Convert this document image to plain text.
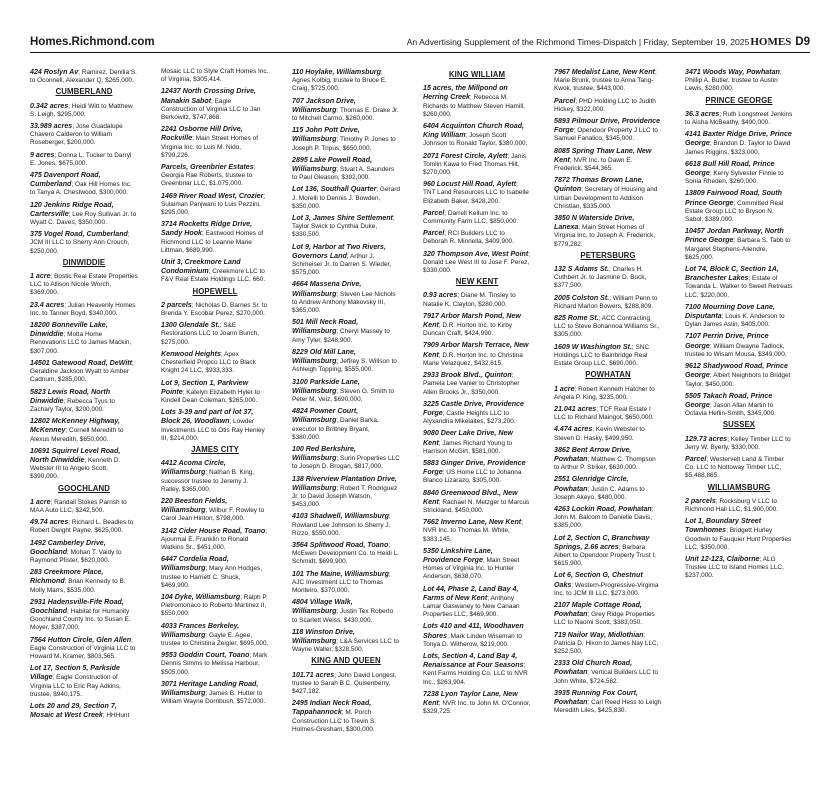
Homes.Richmond.com	An Advertising Supplement of the Richmond Times-Dispatch | Friday, September 19, 2025HOMES D9

424 Roslyn Av; Ramirez, Denilia S. to Oconnell, Alexander Q, $265,000.

CUMBERLAND

0.342 acres; Heidi Witt to Matthew S. Leigh, $295,000.

33.989 acres; Jose Guadalupe Chavero Calderon to William Roseberger, $200,000.

9 acres; Donna L. Tucker to Darryl E. Jones, $675,000.

475 Davenport Road, Cumberland; Oak Hill Homes Inc. to Tanya A. Chestwood, $300,000.

120 Jenkins Ridge Road, Cartersville; Lee Roy Sullivan Jr. to Wyatt C. Daves, $350,000.

375 Vogel Road, Cumberland; JCM III LLC to Sherry Ann Crouch, $250,000.

DINWIDDIE

1 acre; Bostic Real Estate Properties LLC to Allison Nicole Worch, $369,000.

23.4 acres; Julian Heavenly Homes Inc. to Tanner Boyd, $340,000.

18200 Bonneville Lake, Dinwiddie; Motta Home Renovations LLC to James Mackin, $307,000.

14501 Gatewood Road, DeWitt; Geraldine Jackson Wyatt to Amber Cadnum, $285,000.

5823 Lewis Road, North Dinwiddie; Rebecca Tyus to Zachary Taylor, $200,000.

12802 McKenney Highway, McKenney; Cornell Meredith to Alexus Meredith, $650,000.

10691 Squirrel Level Road, North Dinwiddie; Kenneth D. Webster III to Angelo Scott, $390,000.

GOOCHLAND

1 acre; Randall Stokes Parrish to MAA Auto LLC, $242,500.

49.74 acres; Richard L. Beadles to Robert Dwight Payne, $625,000.

1492 Camberley Drive, Goochland; Mohan T. Vaidy to Raymond Pfister, $620,000.

283 Creekmore Place, Richmond; Brian Kennedy to B. Molly Marrs, $535,000.

2931 Hadensville-Fife Road, Goochland; Habitat for Humanity Goochland County Inc. to Susan E. Moyer, $387,000.

7564 Hutton Circle, Glen Allen; Eagle Construction of Virginia LLC to Howard M. Kramer, $803,565.

Lot 17, Section 5, Parkside Village; Eagle Construction of Virginia LLC to Eric Ray Adkins, trustee, $940,175.

Lots 20 and 29, Section 7, Mosaic at West Creek; HHHunt

Mosaic LLC to Style Craft Homes Inc. of Virginia, $305,414.

12437 North Crossing Drive, Manakin Sabot; Eagle Construction of Virginia LLC to Jan Berkowitz, $747,868.

2241 Osborne Hill Drive, Rockville; Main Street Homes of Virginia Inc. to Luis M. Nido, $799,226.

Parcels, Greenbrier Estates; Georgia Rae Roberts, trustee to Greenbriar LLC, $1,075,000.

1469 River Road West, Crozier; Sulaiman Panjwani to Luis Pezzini, $295,000.

3714 Rocketts Ridge Drive, Sandy Hook; Eastwood Homes of Richmond LLC to Leanne Marie Littman, $689,990.

Unit 3, Creekmore Land Condominium; Creekmore LLC to F&V Real Estate Holdings LLC, 660.

HOPEWELL

2 parcels; Nicholas D. Barnes Sr. to Brenda Y. Escobar Perez, $270,000.

1300 Glendale St.; S&E Restorations LLC to Joann Bunch, $275,000.

Kenwood Heights; Apex Chesterfield Propco LLC to Black Knight 24 LLC, $933,333.

Lot 9, Section 1, Parkview Pointe; Katelyn Elizabeth Hyler to Kindell Dean Coleman, $265,000.

Lots 3-39 and part of lot 37, Block 26, Woodlawn; Lowder Investments LLC to Otis Ray Henley III, $214,000.

JAMES CITY

4412 Acoma Circle, Williamsburg; Nathan B. King, successor trustee to Jeremy J. Ralley, $365,000.

220 Beeston Fields, Williamsburg; Wilbur F. Rowley to Carol Jean Hinton, $798,000.

3142 Cider House Road, Toano; Ajourmal E. Franklin to Ronald Watkins Sr., $451,000.

6447 Cordelia Road, Williamsburg; Mary Ann Hodges, trustee to Harriett C. Shuck, $469,900.

104 Dyke, Williamsburg; Ralph P. Pietromonaco to Roberto Martinez II, $550,000.

4033 Frances Berkeley, Williamsburg; Gayle E. Agee, trustee to Christina Zeigler, $695,000.

9553 Goddin Court, Toano; Mark Dennis Simms to Melissa Harbour, $505,000.

3071 Heritage Landing Road, Williamsburg; James B. Hutter to William Wayne Dornbush, $572,000.

110 Hoylake, Williamsburg; Agnes Kolbig, trustee to Bruce E. Craig, $725,000.

707 Jackson Drive, Williamsburg; Thomas E. Drake Jr. to Mitchell Carmo, $260,000.

115 John Pott Drive, Williamsburg; Timothy P. Jones to Joseph P. Tripus, $650,000.

2895 Lake Powell Road, Williamsburg; Stuart A. Saunders to Paul Gleason, $392,000.

Lot 136, Southall Quarter; Gerard J. Morelli to Dennis J. Bowden, $350,000.

Lot 3, James Shire Settlement; Taylor Swick to Cynthia Duke, $330,500.

Lot 9, Harbor at Two Rivers, Governors Land; Arthur J. Schmeiser Jr. to Darren S. Wieder, $575,000.

4664 Massena Drive, Williamsburg; Steven Lee Nichols to Andrew Anthony Makovsky III, $365,000.

501 Mill Neck Road, Williamsburg; Cheryl Massey to Amy Tyler, $248,900.

8229 Old Mill Lane, Williamsburg; Jeffrey S. Willson to Ashleigh Topping, $555,000.

3100 Parkside Lane, Williamsburg; Steven G. Smith to Peter M. Veiz, $690,000.

4824 Powner Court, Williamsburg; Daniel Barka, executor to Brittney Bryant, $380,000.

100 Red Berkshire, Williamsburg; Surin Properties LLC to Joseph D. Brogan, $817,000.

138 Riverview Plantation Drive, Williamsburg; Robert T. Rodriguez Jr. to David Joseph Watson, $453,000.

4103 Shadwell, Williamsburg; Rowland Lee Johnson to Sherry J. Rizzo, $550,000.

3564 Splitwood Road, Toano; McEwen Development Co. to Heidi L. Schmidt, $699,900.

101 The Maine, Williamsburg; AJC Investment LLC to Thomas Monteiro, $370,000.

4804 Village Walk, Williamsburg; Justin Tex Roberto to Scarlett Weiss, $430,000.

118 Winston Drive, Williamsburg; L&A Services LLC to Wayne Waller, $328,500.

KING AND QUEEN

101.71 acres; John David Longest, trustee to Sarah B C. Quisenberry, $427,182.

2495 Indian Neck Road, Tappahannock; M. Porch Construction LLC to Trevin S. Holmes-Gresham, $300,000.

KING WILLIAM

15 acres, the Millpond on Herring Creek; Rebecca M. Richards to Matthew Steven Hamill, $260,000.

6404 Acquinton Church Road, King William; Joseph Scott Johnson to Ronald Taylor, $380,000.

2071 Forest Circle, Aylett; Janis Tomlin Kawa to Fred Thomas Hilt, $270,000.

960 Locust Hill Road, Aylett; TNT Land Resources LLC to Isabelle Elizabeth Baker, $428,200.

Parcel; Darrell Kellum Inc. to Community Farm LLC, $850,000.

Parcel; RCI Builders LLC to Deborah R. Minnella, $409,900.

320 Thompson Ave, West Point; Donald Lee West III to Jose F. Perez, $330,000.

NEW KENT

0.93 acres; Diane M. Tinsley to Natalie K. Clayton, $280,000.

7917 Arbor Marsh Pond, New Kent; D.R. Horton Inc. to Kirby Duncan Craft, $424,990.

7909 Arbor Marsh Terrace, New Kent; D.R. Horton Inc. to Christina Marie Velazquez, $432,615.

2933 Brook Blvd., Quinton; Pamela Lee Vanier to Christopher Allen Brooks Jr., $350,000.

3225 Castle Drive, Providence Forge; Castle Heights LLC to Alyxandria Mikelaites, $273,200.

9080 Deer Lake Drive, New Kent; James Richard Young to Harrison McGirt, $581,000.

5883 Ginger Drive, Providence Forge; US Home LLC to Johanna Blanco Lizarazo, $305,000.

8840 Greenwood Blvd., New Kent; Rachael N. Metzger to Marcus Strickland, $450,000.

7662 Inverno Lane, New Kent; NVR Inc. to Thomas M. White, $383,145.

5350 Linkshire Lane, Providence Forge; Main Street Homes of Virginia Inc. to Hunter Anderson, $638,070.

Lot 44, Phase 2, Land Bay 4, Farms of New Kent; Anthony Lamar Gaswaney to New Canaan Properties LLC, $469,900.

Lots 410 and 411, Woodhaven Shores; Mark Linden Wiseman to Tonya D. Witherow, $219,000.

Lots, Section 4, Land Bay 4, Renaissance at Four Seasons; Kent Farms Holding Co. LLC to NVR Inc., $263,904.

7238 Lyon Taylor Lane, New Kent; NVR Inc. to John M. O'Connor, $329,725.

7967 Medalist Lane, New Kent; Marie Brunk, trustee to Anna Tang-Kwok, trustee, $443,000.

Parcel; PHD Holding LLC to Judith Hickey, $322,000.

5893 Pilmour Drive, Providence Forge; Opendoor Property J LLC to Samuel Fanalico, $345,000.

8085 Spring Thaw Lane, New Kent; NVR Inc. to Dawn E. Frederick, $544,365.

7872 Thomas Brown Lane, Quinton; Secretary of Housing and Urban Development to Addison Christian, $335,000.

3850 N Waterside Drive, Lanexa; Main Street Homes of Virginia Inc. to Joseph A. Frederick, $779,282.

PETERSBURG

132 S Adams St.; Charles H. Cuthbert Jr. to Jasmine D. Buck, $377,500.

2005 Colston St.; William Penn to Richard Marlon Bowers, $288,809.

825 Rome St.; ACC Contracting LLC to Steve Bohannoa Williams Sr., $305,000.

1609 W Washington St.; SNC Holdings LLC to Bainbridge Real Estate Group LLC, $690,000.

POWHATAN

1 acre; Robert Kenneth Hatcher to Angela P. King, $235,000.

21.041 acres; TCF Real Estate I LLC to Richard Maingot, $650,000.

4.474 acres; Kevin Webster to Steven D. Hasky, $499,950.

3862 Bent Arrow Drive, Powhatan; Matthew C. Thompson to Arthur P. Striker, $630,000.

2551 Glenridge Circle, Powhatan; Justin C. Adams to Joseph Akeyo, $480,000.

4263 Lockin Road, Powhatan; John M. Balcom to Danielle Davis, $385,000.

Lot 2, Section C, Branchway Springs, 2.66 acres; Barbara Albert to Opendoor Property Trust I, $615,900.

Lot 6, Section G, Chestnut Oaks; Western-Progressive-Virginia Inc. to JCM III LLC, $273,000.

2107 Maple Cottage Road, Powhatan; Grey Ridge Properties LLC to Naomi Scott, $383,050.

719 Nailor Way, Midlothian; Patricia D. Hixon to James Nay LLC, $252,500.

2333 Old Church Road, Powhatan; Vertical Builders LLC to John White, $724,562.

3935 Running Fox Court, Powhatan; Carl Reed Hess to Leigh Meredith Liles, $425,830.

3471 Woods Way, Powhatan; Phillip A. Butler, trustee to Austin Lewis, $280,000.

PRINCE GEORGE

36.3 acres; Ruth Longstreet Jenkins to Aisha McBeathy, $490,000.

4141 Baxter Ridge Drive, Prince George; Brandon D. Taylor to David James Riggins, $323,000.

6618 Bull Hill Road, Prince George; Kerry Sylvester Finnie to Sonia Rheden, $260,000.

13809 Fairwood Road, South Prince George; Committed Real Estate Group LLC to Bryson N. Sabol, $389,000.

10457 Jordan Parkway, North Prince George; Barbara S. Tabb to Margaret Stephens-Aliendre, $625,000.

Lot 74, Block C, Section 1A, Branchester Lakes; Estate of Towanda L. Walker to Sweet Retreats LLC, $220,000.

7100 Mourning Dove Lane, Disputanta; Louis K. Anderson to Dylan James Aslin, $405,000.

7107 Perrin Drive, Prince George; William Dwayne Tadlock, trustee to Wisam Mousa, $349,000.

9612 Shadywood Road, Prince George; Albert Neighbors to Bridget Taylor, $450,000.

5505 Takach Road, Prince George; Jason Allan Martin to Octavia Heflin-Smith, $345,000.

SUSSEX

129.73 acres; Kelley Timber LLC to Jerry W. Byerly, $330,000.

Parcel; Westervelt Land & Timber Co. LLC to Nottoway Timber LLC, $5,488,865.

WILLIAMSBURG

2 parcels; Rocksburg V LLC to Richmond Hall LLC, $1,900,000.

Lot 1, Boundary Street Townhomes; Bridgett Hurley Goodwin to Fauquier Hunt Properties LLC, $350,000.

Unit 12-123, Claiborne; ALG Trustee LLC to Island Homes LLC, $237,000.
